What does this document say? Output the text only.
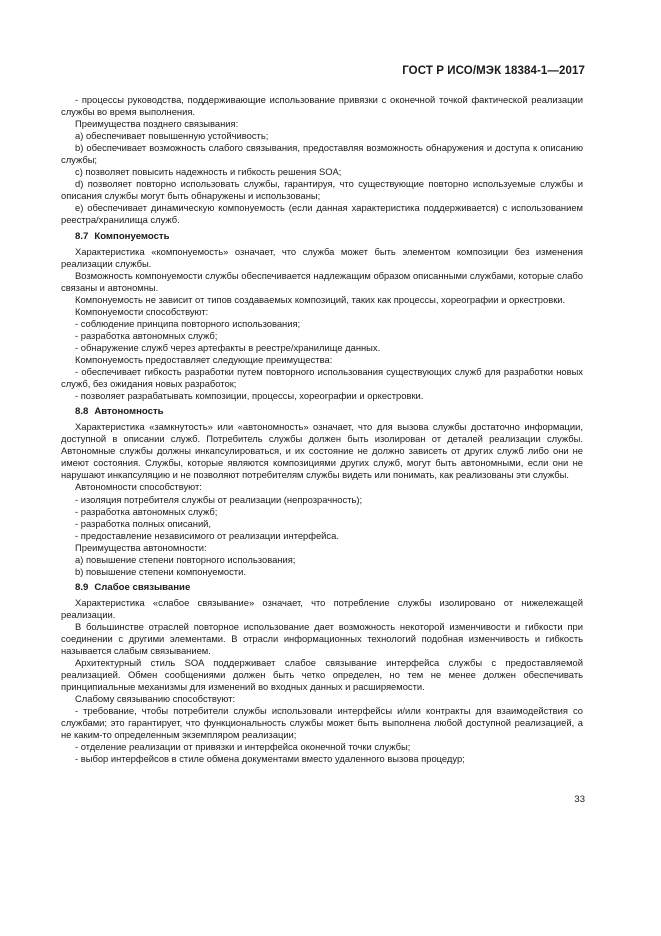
ГОСТ Р ИСО/МЭК 18384-1—2017

- процессы руководства, поддерживающие использование привязки с оконечной точкой фактической реализации службы во время выполнения.

Преимущества позднего связывания:

a) обеспечивает повышенную устойчивость;

b) обеспечивает возможность слабого связывания, предоставляя возможность обнаружения и доступа к описанию службы;

c) позволяет повысить надежность и гибкость решения SOA;

d) позволяет повторно использовать службы, гарантируя, что существующие повторно используемые службы и описания службы могут быть обнаружены и использованы;

e) обеспечивает динамическую компонуемость (если данная характеристика поддерживается) с использованием реестра/хранилища служб.

8.7 Компонуемость

Характеристика «компонуемость» означает, что служба может быть элементом композиции без изменения реализации службы.

Возможность компонуемости службы обеспечивается надлежащим образом описанными службами, которые слабо связаны и автономны.

Компонуемость не зависит от типов создаваемых композиций, таких как процессы, хореографии и оркестровки.

Компонуемости способствуют:

- соблюдение принципа повторного использования;

- разработка автономных служб;

- обнаружение служб через артефакты в реестре/хранилище данных.

Компонуемость предоставляет следующие преимущества:

- обеспечивает гибкость разработки путем повторного использования существующих служб для разработки новых служб, без ожидания новых разработок;

- позволяет разрабатывать композиции, процессы, хореографии и оркестровки.

8.8 Автономность

Характеристика «замкнутость» или «автономность» означает, что для вызова службы достаточно информации, доступной в описании служб. Потребитель службы должен быть изолирован от деталей реализации службы. Автономные службы должны инкапсулироваться, и их состояние не должно зависеть от других служб либо они не имеют состояния. Службы, которые являются композициями других служб, могут быть автономными, если они не нарушают инкапсуляцию и не позволяют потребителям службы видеть или понимать, как реализованы эти службы.

Автономности способствуют:

- изоляция потребителя службы от реализации (непрозрачность);

- разработка автономных служб;

- разработка полных описаний,

- предоставление независимого от реализации интерфейса.

Преимущества автономности:

a) повышение степени повторного использования;

b) повышение степени компонуемости.

8.9 Слабое связывание

Характеристика «слабое связывание» означает, что потребление службы изолировано от нижележащей реализации.

В большинстве отраслей повторное использование дает возможность некоторой изменчивости и гибкости при соединении с другими элементами. В отрасли информационных технологий подобная изменчивость и гибкость называется слабым связыванием.

Архитектурный стиль SOA поддерживает слабое связывание интерфейса службы с предоставляемой реализацией. Обмен сообщениями должен быть четко определен, но тем не менее должен обеспечивать принципиальные механизмы для изменений во входных данных и расширяемости.

Слабому связыванию способствуют:

- требование, чтобы потребители службы использовали интерфейсы и/или контракты для взаимодействия со службами; это гарантирует, что функциональность службы может быть выполнена любой доступной реализацией, а не каким-то определенным экземпляром реализации;

- отделение реализации от привязки и интерфейса оконечной точки службы;

- выбор интерфейсов в стиле обмена документами вместо удаленного вызова процедур;

33
